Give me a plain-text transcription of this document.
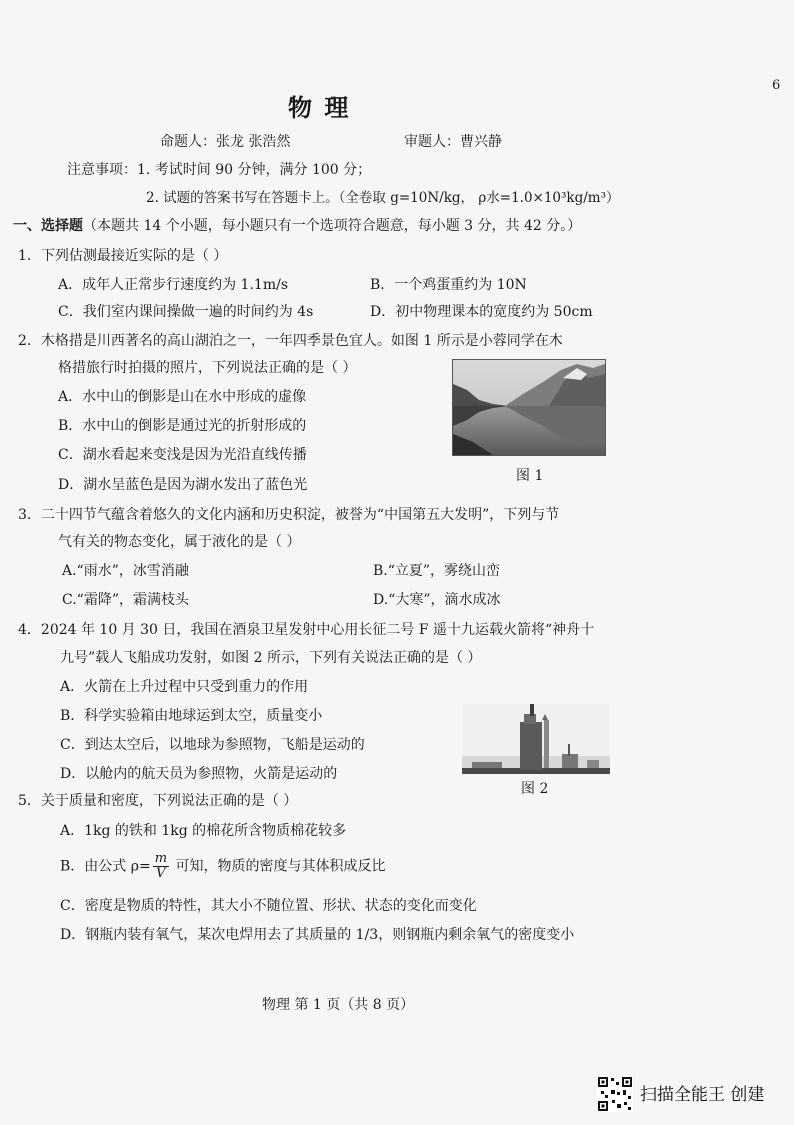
6
物 理
命题人：张龙 张浩然	审题人：曹兴静
注意事项：1. 考试时间 90 分钟，满分 100 分；
2. 试题的答案书写在答题卡上。（全卷取 g=10N/kg， ρ水=1.0×10³kg/m³）
一、选择题（本题共 14 个小题，每小题只有一个选项符合题意，每小题 3 分，共 42 分。）
1．下列估测最接近实际的是（ ）
A．成年人正常步行速度约为 1.1m/s	B．一个鸡蛋重约为 10N
C．我们室内课间操做一遍的时间约为 4s	D．初中物理课本的宽度约为 50cm
2．木格措是川西著名的高山湖泊之一，一年四季景色宜人。如图 1 所示是小蓉同学在木
格措旅行时拍摄的照片，下列说法正确的是（ ）
A．水中山的倒影是山在水中形成的虚像
B．水中山的倒影是通过光的折射形成的
C．湖水看起来变浅是因为光沿直线传播
D．湖水呈蓝色是因为湖水发出了蓝色光
图 1
3．二十四节气蕴含着悠久的文化内涵和历史积淀，被誉为“中国第五大发明”，下列与节
气有关的物态变化，属于液化的是（ ）
A.“雨水”，冰雪消融	B.“立夏”，雾绕山峦
C.“霜降”，霜满枝头	D.“大寒”，滴水成冰
4．2024 年 10 月 30 日，我国在酒泉卫星发射中心用长征二号 F 遥十九运载火箭将“神舟十
九号”载人飞船成功发射，如图 2 所示，下列有关说法正确的是（ ）
A．火箭在上升过程中只受到重力的作用
B．科学实验箱由地球运到太空，质量变小
C．到达太空后，以地球为参照物，飞船是运动的
D．以舱内的航天员为参照物，火箭是运动的
图 2
5．关于质量和密度，下列说法正确的是（ ）
A．1kg 的铁和 1kg 的棉花所含物质棉花较多
B．由公式 $\rho= \frac{m}{V}$ 可知，物质的密度与其体积成反比
C．密度是物质的特性，其大小不随位置、形状、状态的变化而变化
D．钢瓶内装有氧气，某次电焊用去了其质量的 1/3，则钢瓶内剩余氧气的密度变小
物理 第 1 页（共 8 页）
扫描全能王 创建
